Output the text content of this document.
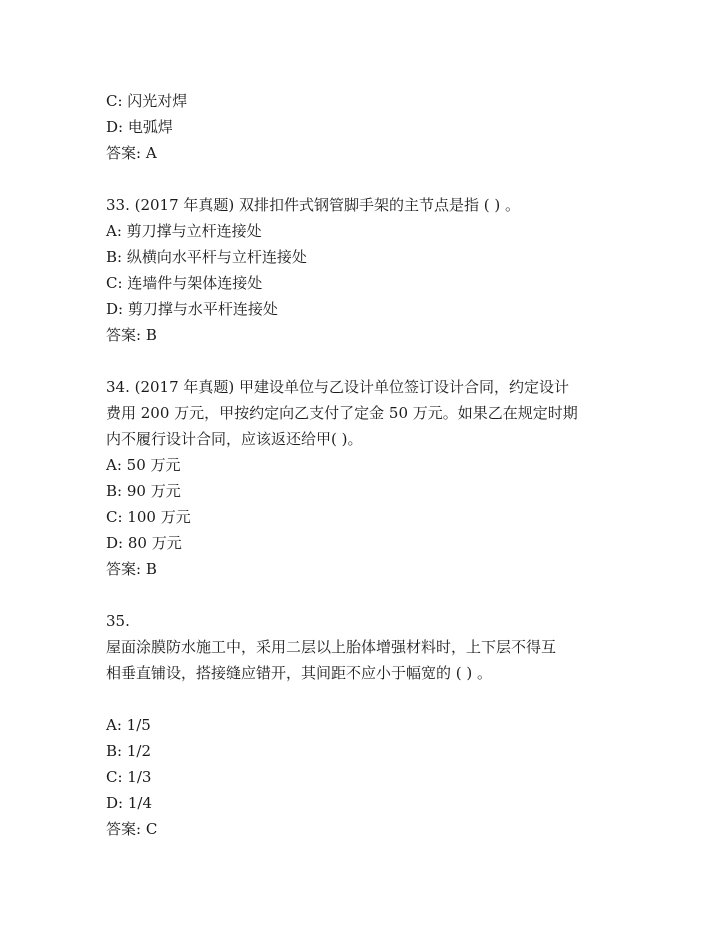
C: 闪光对焊
D: 电弧焊
答案: A
33. (2017 年真题) 双排扣件式钢管脚手架的主节点是指 ( ) 。
A: 剪刀撑与立杆连接处
B: 纵横向水平杆与立杆连接处
C: 连墙件与架体连接处
D: 剪刀撑与水平杆连接处
答案: B
34. (2017 年真题) 甲建设单位与乙设计单位签订设计合同，约定设计
费用 200 万元，甲按约定向乙支付了定金 50 万元。如果乙在规定时期
内不履行设计合同，应该返还给甲( )。
A: 50 万元
B: 90 万元
C: 100 万元
D: 80 万元
答案: B
35.
屋面涂膜防水施工中，采用二层以上胎体增强材料时，上下层不得互
相垂直铺设，搭接缝应错开，其间距不应小于幅宽的 ( ) 。
A: 1/5
B: 1/2
C: 1/3
D: 1/4
答案: C
